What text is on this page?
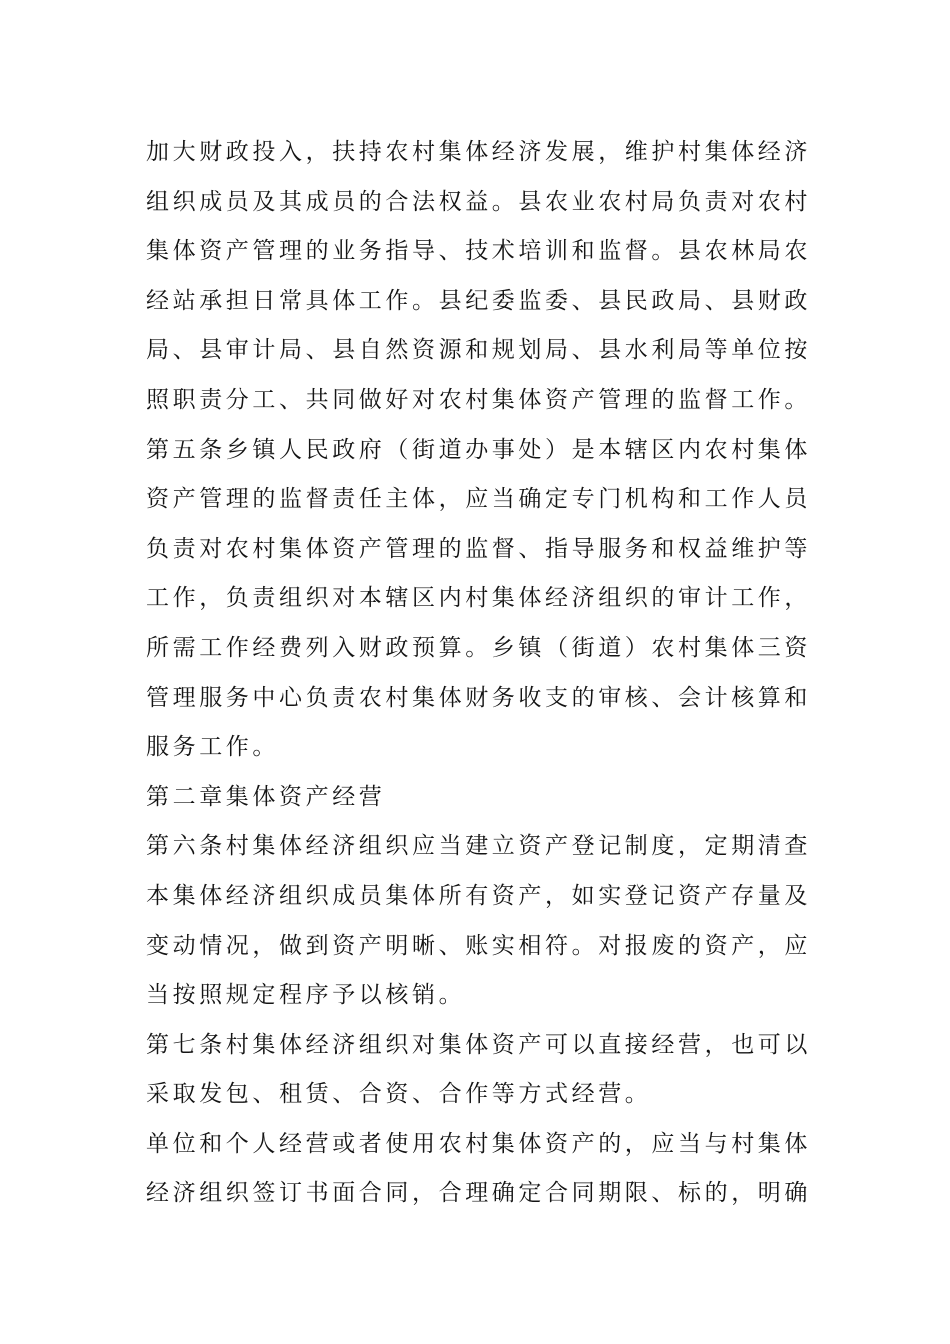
加大财政投入，扶持农村集体经济发展，维护村集体经济
组织成员及其成员的合法权益。县农业农村局负责对农村
集体资产管理的业务指导、技术培训和监督。县农林局农
经站承担日常具体工作。县纪委监委、县民政局、县财政
局、县审计局、县自然资源和规划局、县水利局等单位按
照职责分工、共同做好对农村集体资产管理的监督工作。
第五条乡镇人民政府（街道办事处）是本辖区内农村集体
资产管理的监督责任主体，应当确定专门机构和工作人员
负责对农村集体资产管理的监督、指导服务和权益维护等
工作，负责组织对本辖区内村集体经济组织的审计工作，
所需工作经费列入财政预算。乡镇（街道）农村集体三资
管理服务中心负责农村集体财务收支的审核、会计核算和
服务工作。
第二章集体资产经营
第六条村集体经济组织应当建立资产登记制度，定期清查
本集体经济组织成员集体所有资产，如实登记资产存量及
变动情况，做到资产明晰、账实相符。对报废的资产，应
当按照规定程序予以核销。
第七条村集体经济组织对集体资产可以直接经营，也可以
采取发包、租赁、合资、合作等方式经营。
单位和个人经营或者使用农村集体资产的，应当与村集体
经济组织签订书面合同，合理确定合同期限、标的，明确
